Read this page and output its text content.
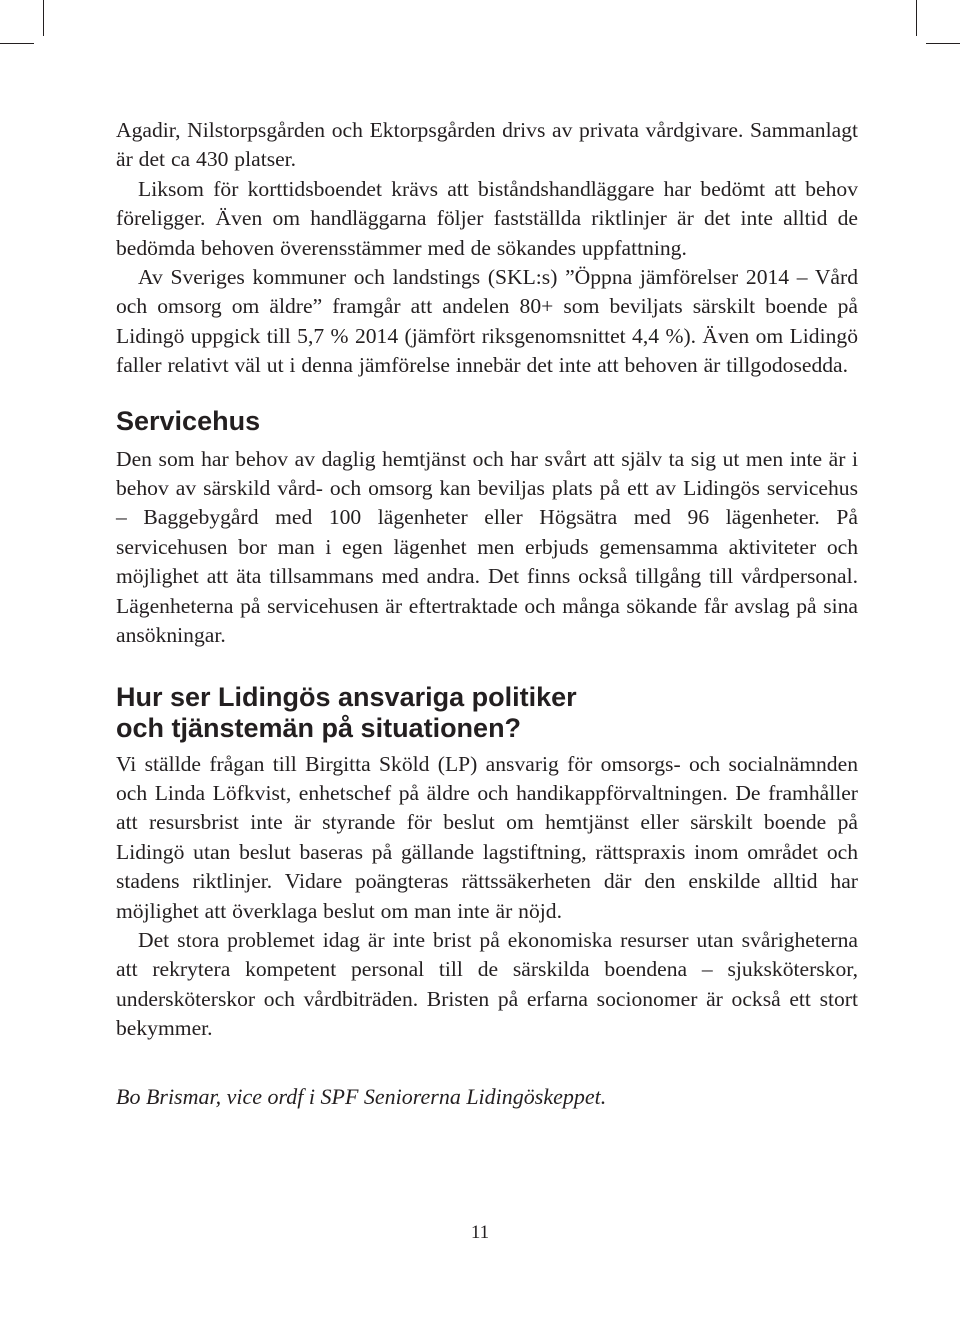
Agadir, Nilstorpsgården och Ektorpsgården drivs av privata vårdgivare. Sammanlagt är det ca 430 platser.

Liksom för korttidsboendet krävs att biståndshandläggare har bedömt att behov föreligger. Även om handläggarna följer fastställda riktlinjer är det inte alltid de bedömda behoven överensstämmer med de sökandes uppfattning.

Av Sveriges kommuner och landstings (SKL:s) ”Öppna jämförelser 2014 – Vård och omsorg om äldre” framgår att andelen 80+ som beviljats särskilt boende på Lidingö uppgick till 5,7 % 2014 (jämfört riksgenomsnittet 4,4 %). Även om Lidingö faller relativt väl ut i denna jämförelse innebär det inte att behoven är tillgodosedda.

Servicehus

Den som har behov av daglig hemtjänst och har svårt att själv ta sig ut men inte är i behov av särskild vård- och omsorg kan beviljas plats på ett av Lidingös servicehus – Baggebygård med 100 lägenheter eller Högsätra med 96 lägenheter. På servicehusen bor man i egen lägenhet men erbjuds gemensamma aktiviteter och möjlighet att äta tillsammans med andra. Det finns också tillgång till vårdpersonal. Lägenheterna på servicehusen är eftertraktade och många sökande får avslag på sina ansökningar.

Hur ser Lidingös ansvariga politiker
och tjänstemän på situationen?

Vi ställde frågan till Birgitta Sköld (LP) ansvarig för omsorgs- och socialnämnden och Linda Löfkvist, enhetschef på äldre och handikappförvaltningen. De framhåller att resursbrist inte är styrande för beslut om hemtjänst eller särskilt boende på Lidingö utan beslut baseras på gällande lagstiftning, rättspraxis inom området och stadens riktlinjer. Vidare poängteras rättssäkerheten där den enskilde alltid har möjlighet att överklaga beslut om man inte är nöjd.

Det stora problemet idag är inte brist på ekonomiska resurser utan svårigheterna att rekrytera kompetent personal till de särskilda boendena – sjuksköterskor, undersköterskor och vårdbiträden. Bristen på erfarna socionomer är också ett stort bekymmer.

Bo Brismar, vice ordf i SPF Seniorerna Lidingöskeppet.

11
